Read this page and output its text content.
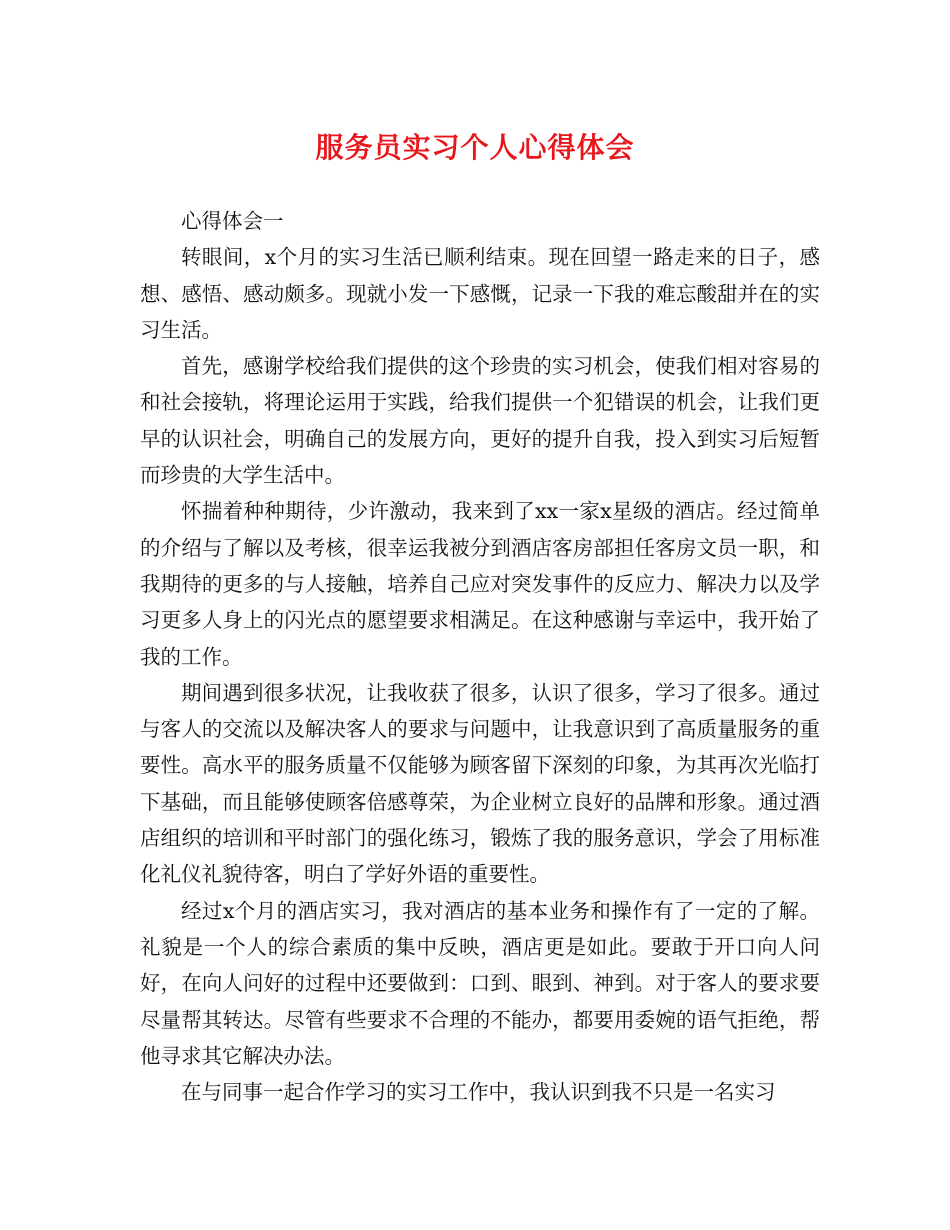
服务员实习个人心得体会

心得体会一

转眼间，x个月的实习生活已顺利结束。现在回望一路走来的日子，感想、感悟、感动颇多。现就小发一下感慨，记录一下我的难忘酸甜并在的实习生活。

首先，感谢学校给我们提供的这个珍贵的实习机会，使我们相对容易的和社会接轨，将理论运用于实践，给我们提供一个犯错误的机会，让我们更早的认识社会，明确自己的发展方向，更好的提升自我，投入到实习后短暂而珍贵的大学生活中。

怀揣着种种期待，少许激动，我来到了xx一家x星级的酒店。经过简单的介绍与了解以及考核，很幸运我被分到酒店客房部担任客房文员一职，和我期待的更多的与人接触，培养自己应对突发事件的反应力、解决力以及学习更多人身上的闪光点的愿望要求相满足。在这种感谢与幸运中，我开始了我的工作。

期间遇到很多状况，让我收获了很多，认识了很多，学习了很多。通过与客人的交流以及解决客人的要求与问题中，让我意识到了高质量服务的重要性。高水平的服务质量不仅能够为顾客留下深刻的印象，为其再次光临打下基础，而且能够使顾客倍感尊荣，为企业树立良好的品牌和形象。通过酒店组织的培训和平时部门的强化练习，锻炼了我的服务意识，学会了用标准化礼仪礼貌待客，明白了学好外语的重要性。

经过x个月的酒店实习，我对酒店的基本业务和操作有了一定的了解。礼貌是一个人的综合素质的集中反映，酒店更是如此。要敢于开口向人问好，在向人问好的过程中还要做到：口到、眼到、神到。对于客人的要求要尽量帮其转达。尽管有些要求不合理的不能办，都要用委婉的语气拒绝，帮他寻求其它解决办法。

在与同事一起合作学习的实习工作中，我认识到我不只是一名实习
